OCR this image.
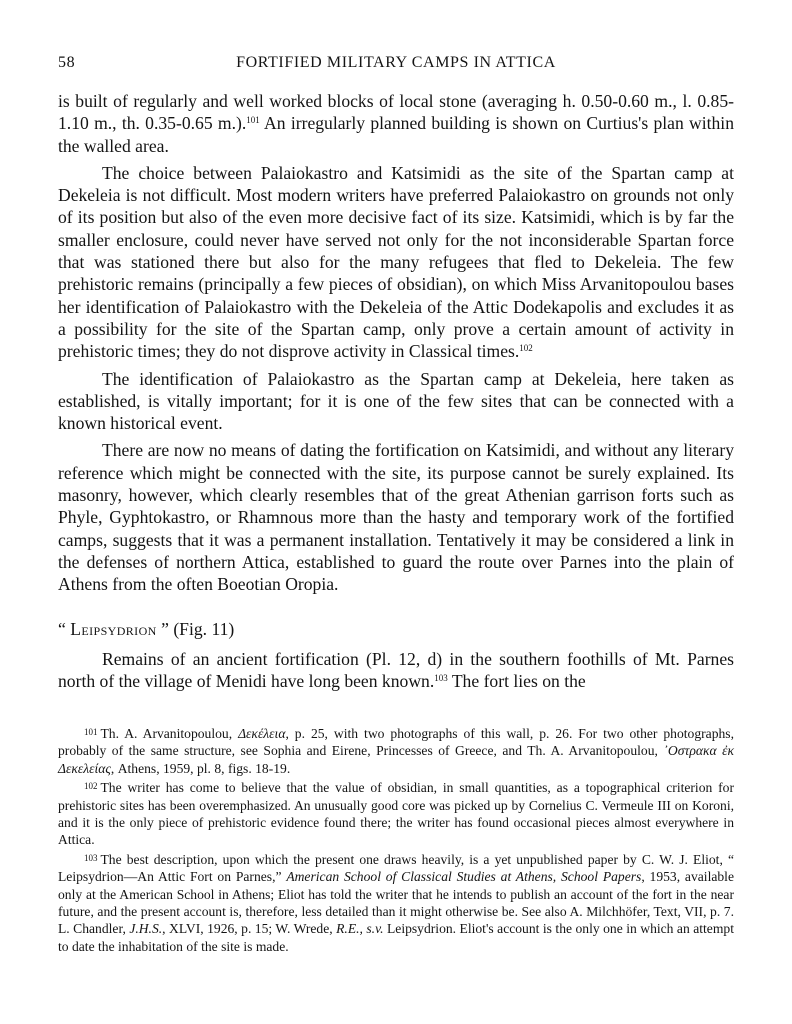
58	FORTIFIED MILITARY CAMPS IN ATTICA

is built of regularly and well worked blocks of local stone (averaging h. 0.50-0.60 m., l. 0.85-1.10 m., th. 0.35-0.65 m.).$^{101}$ An irregularly planned building is shown on Curtius's plan within the walled area.

The choice between Palaiokastro and Katsimidi as the site of the Spartan camp at Dekeleia is not difficult. Most modern writers have preferred Palaiokastro on grounds not only of its position but also of the even more decisive fact of its size. Katsimidi, which is by far the smaller enclosure, could never have served not only for the not inconsiderable Spartan force that was stationed there but also for the many refugees that fled to Dekeleia. The few prehistoric remains (principally a few pieces of obsidian), on which Miss Arvanitopoulou bases her identification of Palaiokastro with the Dekeleia of the Attic Dodekapolis and excludes it as a possibility for the site of the Spartan camp, only prove a certain amount of activity in prehistoric times; they do not disprove activity in Classical times.$^{102}$

The identification of Palaiokastro as the Spartan camp at Dekeleia, here taken as established, is vitally important; for it is one of the few sites that can be connected with a known historical event.

There are now no means of dating the fortification on Katsimidi, and without any literary reference which might be connected with the site, its purpose cannot be surely explained. Its masonry, however, which clearly resembles that of the great Athenian garrison forts such as Phyle, Gyphtokastro, or Rhamnous more than the hasty and temporary work of the fortified camps, suggests that it was a permanent installation. Tentatively it may be considered a link in the defenses of northern Attica, established to guard the route over Parnes into the plain of Athens from the often Boeotian Oropia.

“ Leipsydrion ” (Fig. 11)

Remains of an ancient fortification (Pl. 12, d) in the southern foothills of Mt. Parnes north of the village of Menidi have long been known.$^{103}$ The fort lies on the

$^{101}$ Th. A. Arvanitopoulou, Δεκέλεια, p. 25, with two photographs of this wall, p. 26. For two other photographs, probably of the same structure, see Sophia and Eirene, Princesses of Greece, and Th. A. Arvanitopoulou, ᾿Οστρακα ἐκ Δεκελείας, Athens, 1959, pl. 8, figs. 18-19.

$^{102}$ The writer has come to believe that the value of obsidian, in small quantities, as a topographical criterion for prehistoric sites has been overemphasized. An unusually good core was picked up by Cornelius C. Vermeule III on Koroni, and it is the only piece of prehistoric evidence found there; the writer has found occasional pieces almost everywhere in Attica.

$^{103}$ The best description, upon which the present one draws heavily, is a yet unpublished paper by C. W. J. Eliot, “ Leipsydrion—An Attic Fort on Parnes,” American School of Classical Studies at Athens, School Papers, 1953, available only at the American School in Athens; Eliot has told the writer that he intends to publish an account of the fort in the near future, and the present account is, therefore, less detailed than it might otherwise be. See also A. Milchhöfer, Text, VII, p. 7. L. Chandler, J.H.S., XLVI, 1926, p. 15; W. Wrede, R.E., s.v. Leipsydrion. Eliot's account is the only one in which an attempt to date the inhabitation of the site is made.
